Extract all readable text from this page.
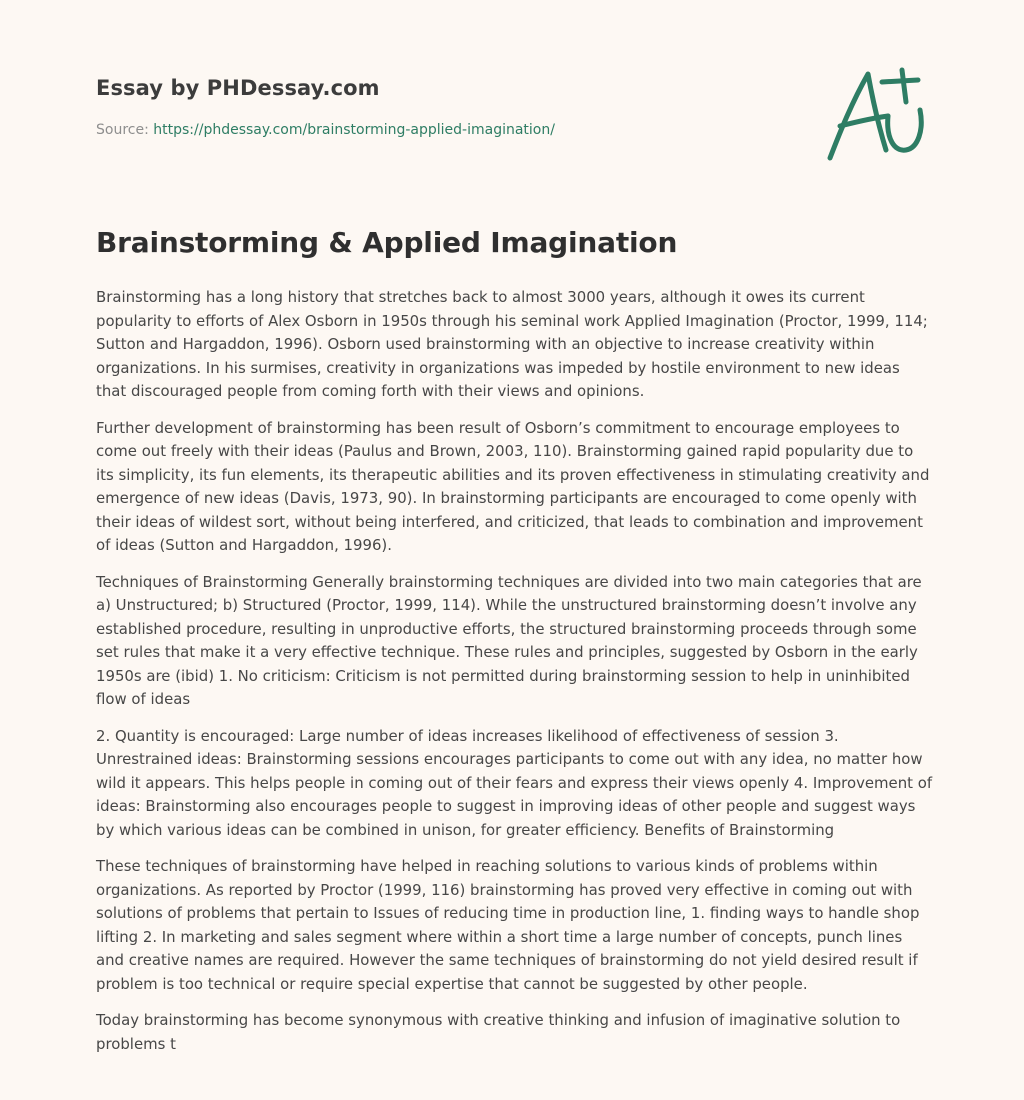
Essay by PHDessay.com
Source: https://phdessay.com/brainstorming-applied-imagination/
Brainstorming & Applied Imagination

Brainstorming has a long history that stretches back to almost 3000 years, although it owes its current popularity to efforts of Alex Osborn in 1950s through his seminal work Applied Imagination (Proctor, 1999, 114; Sutton and Hargaddon, 1996). Osborn used brainstorming with an objective to increase creativity within organizations. In his surmises, creativity in organizations was impeded by hostile environment to new ideas that discouraged people from coming forth with their views and opinions.

Further development of brainstorming has been result of Osborn’s commitment to encourage employees to come out freely with their ideas (Paulus and Brown, 2003, 110). Brainstorming gained rapid popularity due to its simplicity, its fun elements, its therapeutic abilities and its proven effectiveness in stimulating creativity and emergence of new ideas (Davis, 1973, 90). In brainstorming participants are encouraged to come openly with their ideas of wildest sort, without being interfered, and criticized, that leads to combination and improvement of ideas (Sutton and Hargaddon, 1996).

Techniques of Brainstorming Generally brainstorming techniques are divided into two main categories that are a) Unstructured; b) Structured (Proctor, 1999, 114). While the unstructured brainstorming doesn’t involve any established procedure, resulting in unproductive efforts, the structured brainstorming proceeds through some set rules that make it a very effective technique. These rules and principles, suggested by Osborn in the early 1950s are (ibid) 1. No criticism: Criticism is not permitted during brainstorming session to help in uninhibited flow of ideas

2. Quantity is encouraged: Large number of ideas increases likelihood of effectiveness of session 3. Unrestrained ideas: Brainstorming sessions encourages participants to come out with any idea, no matter how wild it appears. This helps people in coming out of their fears and express their views openly 4. Improvement of ideas: Brainstorming also encourages people to suggest in improving ideas of other people and suggest ways by which various ideas can be combined in unison, for greater efficiency. Benefits of Brainstorming

These techniques of brainstorming have helped in reaching solutions to various kinds of problems within organizations. As reported by Proctor (1999, 116) brainstorming has proved very effective in coming out with solutions of problems that pertain to Issues of reducing time in production line, 1. finding ways to handle shop lifting 2. In marketing and sales segment where within a short time a large number of concepts, punch lines and creative names are required. However the same techniques of brainstorming do not yield desired result if problem is too technical or require special expertise that cannot be suggested by other people.

Today brainstorming has become synonymous with creative thinking and infusion of imaginative solution to problems t
